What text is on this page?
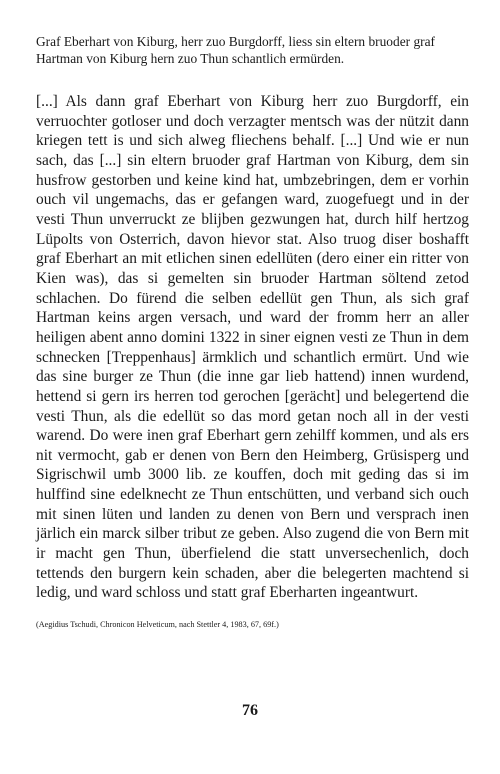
Graf Eberhart von Kiburg, herr zuo Burgdorff, liess sin eltern bruoder graf Hartman von Kiburg hern zuo Thun schantlich ermürden.

[...] Als dann graf Eberhart von Kiburg herr zuo Burgdorff, ein verruochter gotloser und doch verzagter mentsch was der nützit dann kriegen tett is und sich alweg fliechens behalf. [...] Und wie er nun sach, das [...] sin eltern bruoder graf Hartman von Kiburg, dem sin husfrow gestorben und keine kind hat, umbzebringen, dem er vorhin ouch vil ungemachs, das er gefangen ward, zuogefuegt und in der vesti Thun unverruckt ze blijben gezwungen hat, durch hilf hertzog Lüpolts von Osterrich, davon hievor stat. Also truog diser boshafft graf Eberhart an mit etlichen sinen edellüten (dero einer ein ritter von Kien was), das si gemelten sin bruoder Hartman söltend zetod schlachen. Do fürend die selben edellüt gen Thun, als sich graf Hartman keins argen versach, und ward der fromm herr an aller heiligen abent anno domini 1322 in siner eignen vesti ze Thun in dem schnecken [Treppenhaus] ärmklich und schantlich ermürt. Und wie das sine burger ze Thun (die inne gar lieb hattend) innen wurdend, hettend si gern irs herren tod gerochen [gerächt] und belegertend die vesti Thun, als die edellüt so das mord getan noch all in der vesti warend. Do were inen graf Eberhart gern zehilff kommen, und als ers nit vermocht, gab er denen von Bern den Heimberg, Grüsisperg und Sigrischwil umb 3000 lib. ze kouffen, doch mit geding das si im hulffind sine edelknecht ze Thun entschütten, und verband sich ouch mit sinen lüten und landen zu denen von Bern und versprach inen järlich ein marck silber tribut ze geben. Also zugend die von Bern mit ir macht gen Thun, überfielend die statt unversechenlich, doch tettends den burgern kein schaden, aber die belegerten machtend si ledig, und ward schloss und statt graf Eberharten ingeantwurt.

(Aegidius Tschudi, Chronicon Helveticum, nach Stettler 4, 1983, 67, 69f.)

76
